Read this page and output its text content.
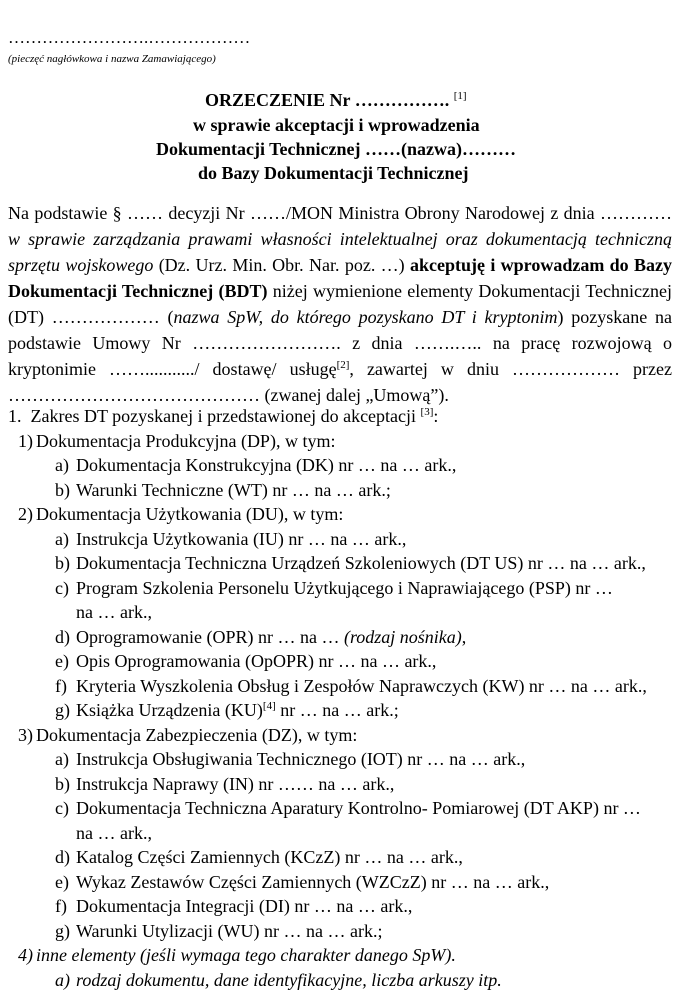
…………………….………………
(pieczęć nagłówkowa i nazwa Zamawiającego)
ORZECZENIE Nr ……………. [1]
w sprawie akceptacji i wprowadzenia
Dokumentacji Technicznej ……(nazwa)………
do Bazy Dokumentacji Technicznej
Na podstawie § …… decyzji Nr ……/MON Ministra Obrony Narodowej z dnia ………… w sprawie zarządzania prawami własności intelektualnej oraz dokumentacją techniczną sprzętu wojskowego (Dz. Urz. Min. Obr. Nar. poz. …) akceptuję i wprowadzam do Bazy Dokumentacji Technicznej (BDT) niżej wymienione elementy Dokumentacji Technicznej (DT) ……………… (nazwa SpW, do którego pozyskano DT i kryptonim) pozyskane na podstawie Umowy Nr ……………………. z dnia …….….. na pracę rozwojową o kryptonimie …….........../ dostawę/ usługę[2], zawartej w dniu ……………… przez …………………………………… (zwanej dalej „Umową”).
1. Zakres DT pozyskanej i przedstawionej do akceptacji [3]:
1) Dokumentacja Produkcyjna (DP), w tym:
a) Dokumentacja Konstrukcyjna (DK) nr … na … ark.,
b) Warunki Techniczne (WT) nr … na … ark.;
2) Dokumentacja Użytkowania (DU), w tym:
a) Instrukcja Użytkowania (IU) nr … na … ark.,
b) Dokumentacja Techniczna Urządzeń Szkoleniowych (DT US) nr … na … ark.,
c) Program Szkolenia Personelu Użytkującego i Naprawiającego (PSP) nr …
na … ark.,
d) Oprogramowanie (OPR) nr … na … (rodzaj nośnika),
e) Opis Oprogramowania (OpOPR) nr … na … ark.,
f) Kryteria Wyszkolenia Obsług i Zespołów Naprawczych (KW) nr … na … ark.,
g) Książka Urządzenia (KU)[4] nr … na … ark.;
3) Dokumentacja Zabezpieczenia (DZ), w tym:
a) Instrukcja Obsługiwania Technicznego (IOT) nr … na … ark.,
b) Instrukcja Naprawy (IN) nr …… na … ark.,
c) Dokumentacja Techniczna Aparatury Kontrolno- Pomiarowej (DT AKP) nr …
na … ark.,
d) Katalog Części Zamiennych (KCzZ) nr … na … ark.,
e) Wykaz Zestawów Części Zamiennych (WZCzZ) nr … na … ark.,
f) Dokumentacja Integracji (DI) nr … na … ark.,
g) Warunki Utylizacji (WU) nr … na … ark.;
4) inne elementy (jeśli wymaga tego charakter danego SpW).
a) rodzaj dokumentu, dane identyfikacyjne, liczba arkuszy itp.
